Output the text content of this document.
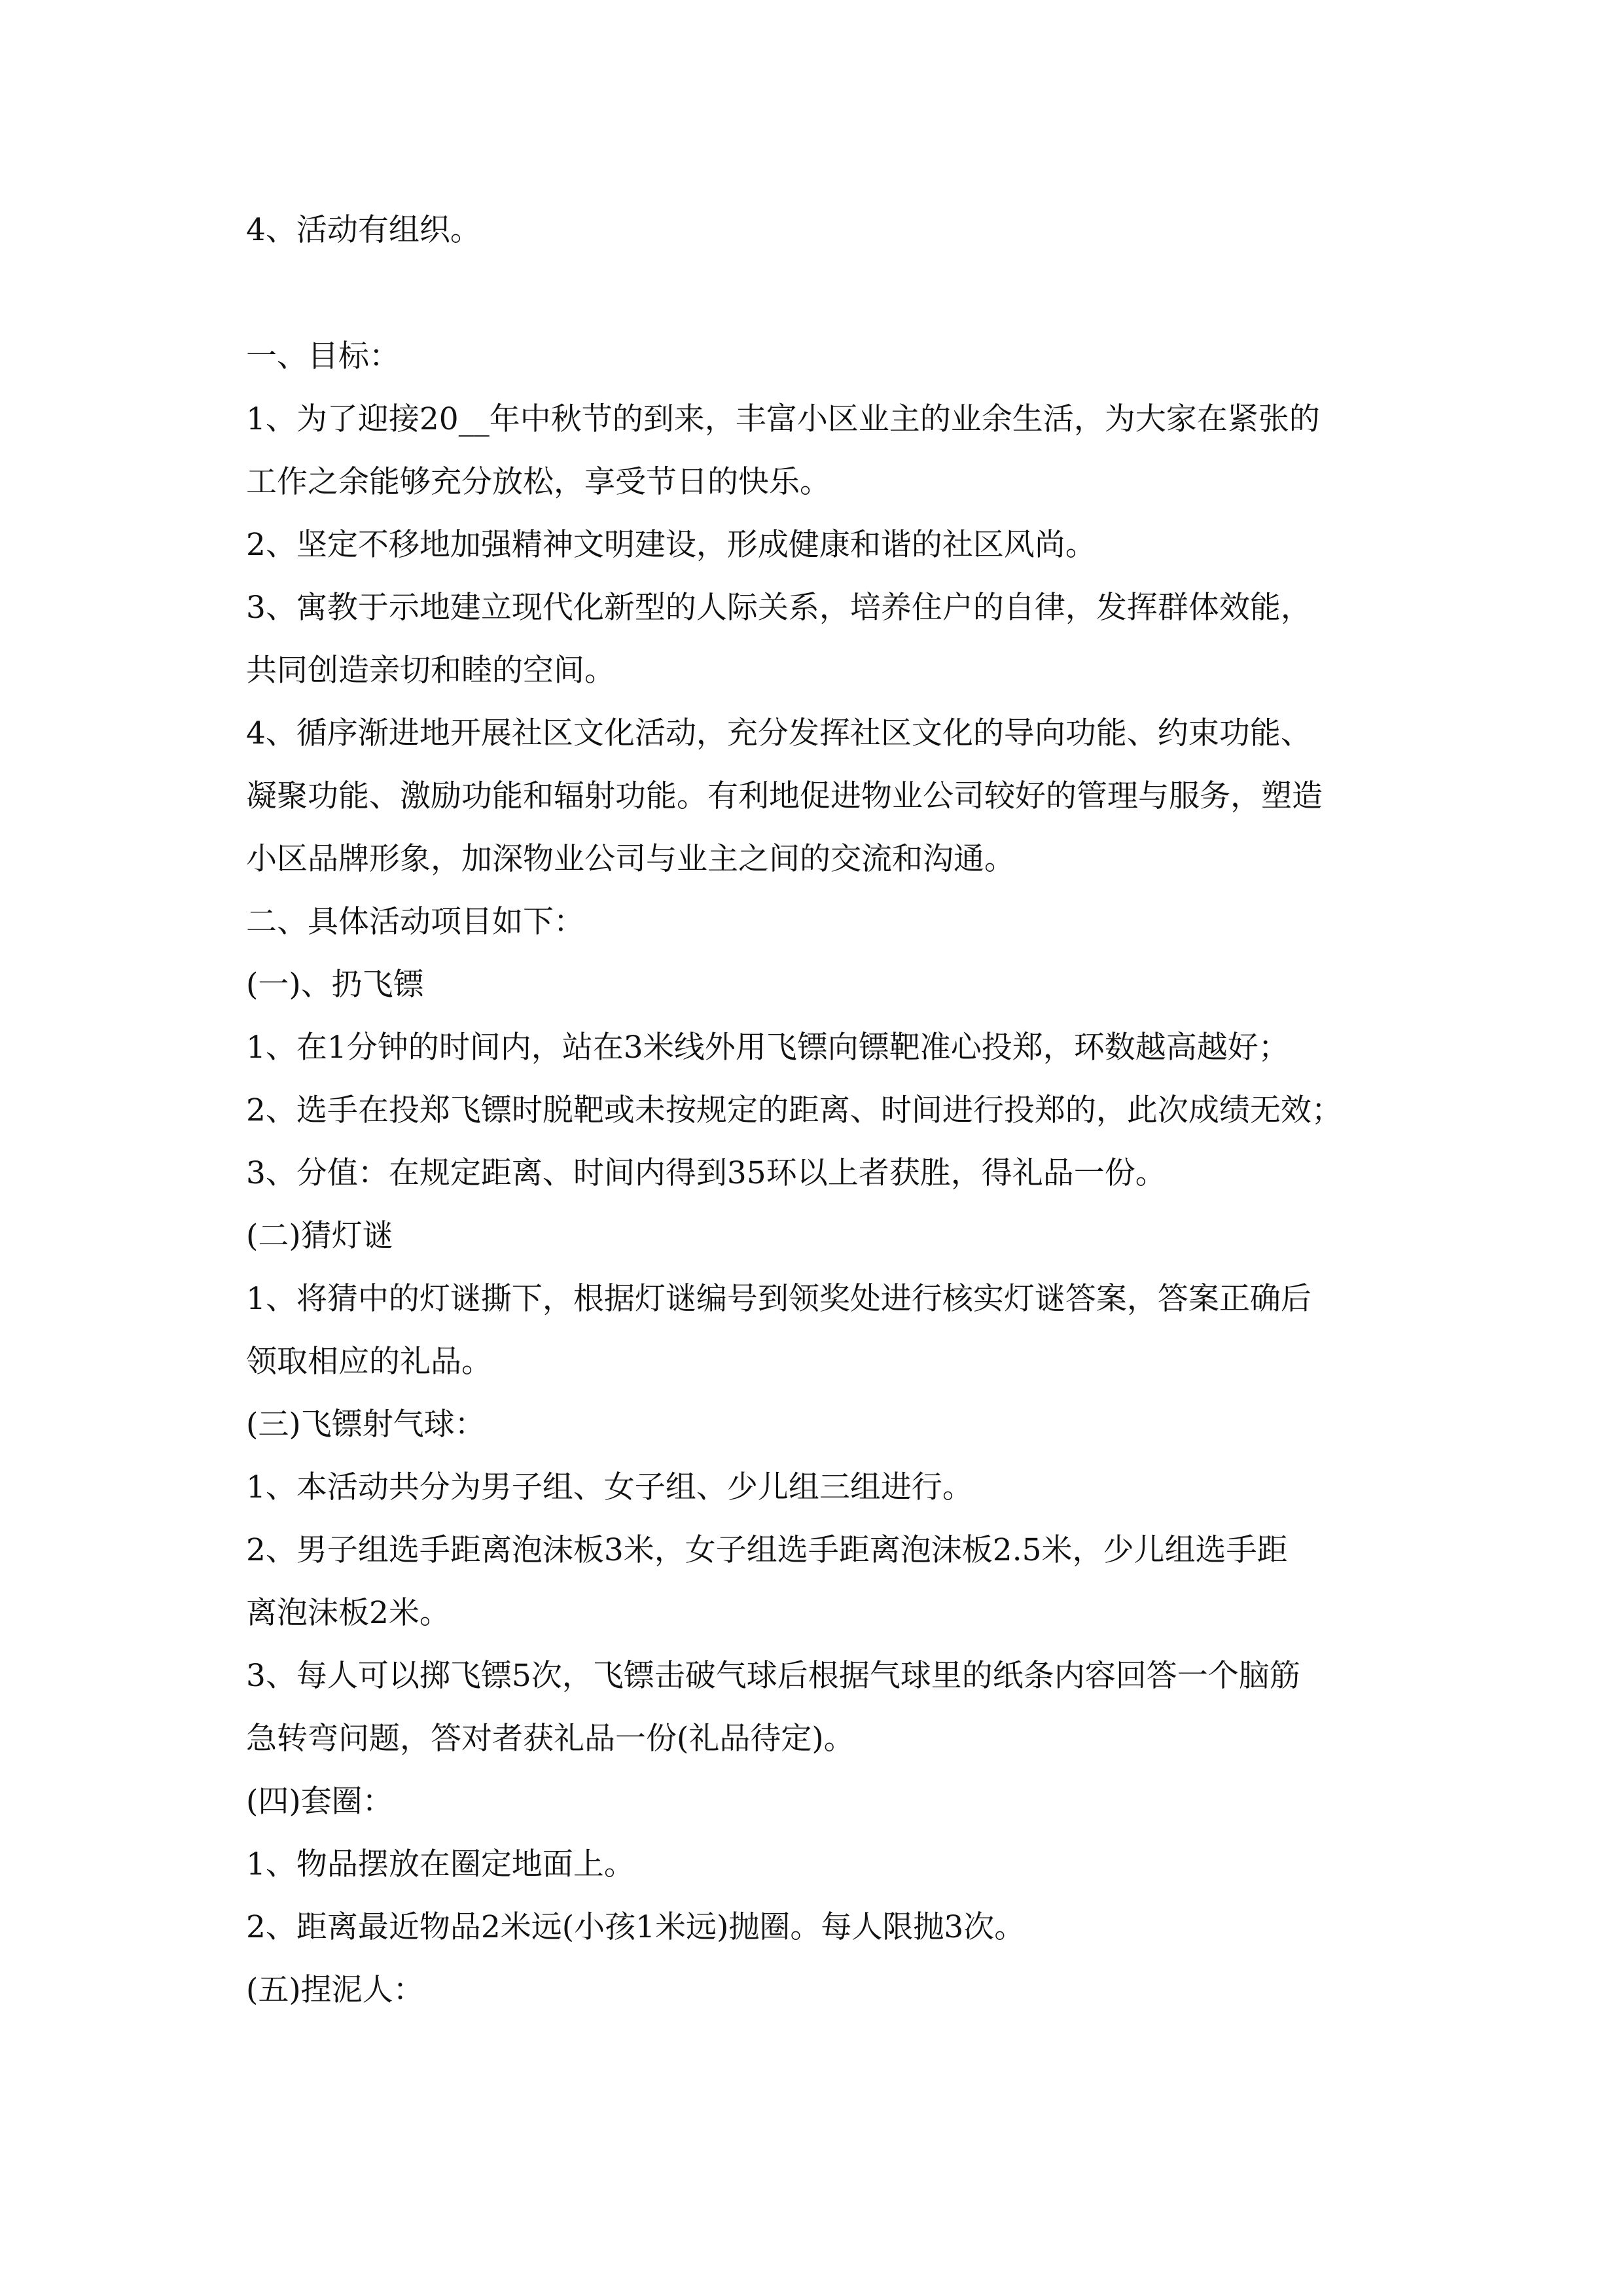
4、活动有组织。
一、目标：
1、为了迎接20__年中秋节的到来，丰富小区业主的业余生活，为大家在紧张的
工作之余能够充分放松，享受节日的快乐。
2、坚定不移地加强精神文明建设，形成健康和谐的社区风尚。
3、寓教于示地建立现代化新型的人际关系，培养住户的自律，发挥群体效能，
共同创造亲切和睦的空间。
4、循序渐进地开展社区文化活动，充分发挥社区文化的导向功能、约束功能、
凝聚功能、激励功能和辐射功能。有利地促进物业公司较好的管理与服务，塑造
小区品牌形象，加深物业公司与业主之间的交流和沟通。
二、具体活动项目如下：
(一)、扔飞镖
1、在1分钟的时间内，站在3米线外用飞镖向镖靶准心投郑，环数越高越好；
2、选手在投郑飞镖时脱靶或未按规定的距离、时间进行投郑的，此次成绩无效；
3、分值：在规定距离、时间内得到35环以上者获胜，得礼品一份。
(二)猜灯谜
1、将猜中的灯谜撕下，根据灯谜编号到领奖处进行核实灯谜答案，答案正确后
领取相应的礼品。
(三)飞镖射气球：
1、本活动共分为男子组、女子组、少儿组三组进行。
2、男子组选手距离泡沫板3米，女子组选手距离泡沫板2.5米，少儿组选手距
离泡沫板2米。
3、每人可以掷飞镖5次，飞镖击破气球后根据气球里的纸条内容回答一个脑筋
急转弯问题，答对者获礼品一份(礼品待定)。
(四)套圈：
1、物品摆放在圈定地面上。
2、距离最近物品2米远(小孩1米远)抛圈。每人限抛3次。
(五)捏泥人：
